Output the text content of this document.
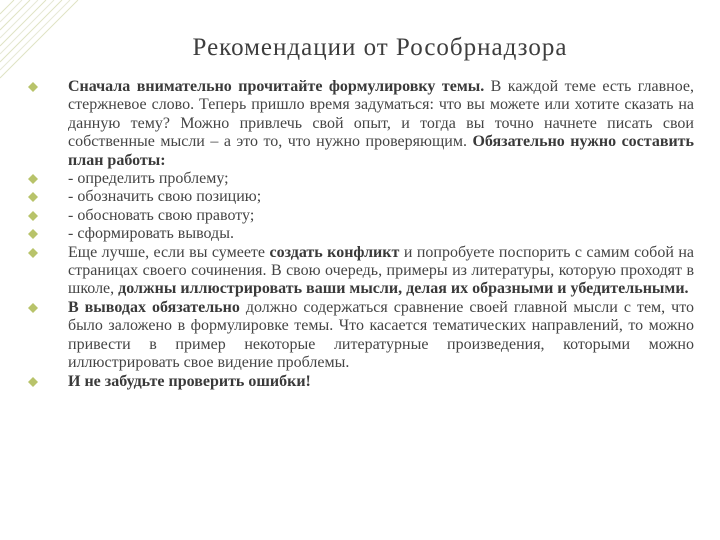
Рекомендации от Рособрнадзора
Сначала внимательно прочитайте формулировку темы. В каждой теме есть главное, стержневое слово. Теперь пришло время задуматься: что вы можете или хотите сказать на данную тему? Можно привлечь свой опыт, и тогда вы точно начнете писать свои собственные мысли – а это то, что нужно проверяющим. Обязательно нужно составить план работы:
- определить проблему;
- обозначить свою позицию;
- обосновать свою правоту;
- сформировать выводы.
Еще лучше, если вы сумеете создать конфликт и попробуете поспорить с самим собой на страницах своего сочинения. В свою очередь, примеры из литературы, которую проходят в школе, должны иллюстрировать ваши мысли, делая их образными и убедительными.
В выводах обязательно должно содержаться сравнение своей главной мысли с тем, что было заложено в формулировке темы. Что касается тематических направлений, то можно привести в пример некоторые литературные произведения, которыми можно иллюстрировать свое видение проблемы.
И не забудьте проверить ошибки!
